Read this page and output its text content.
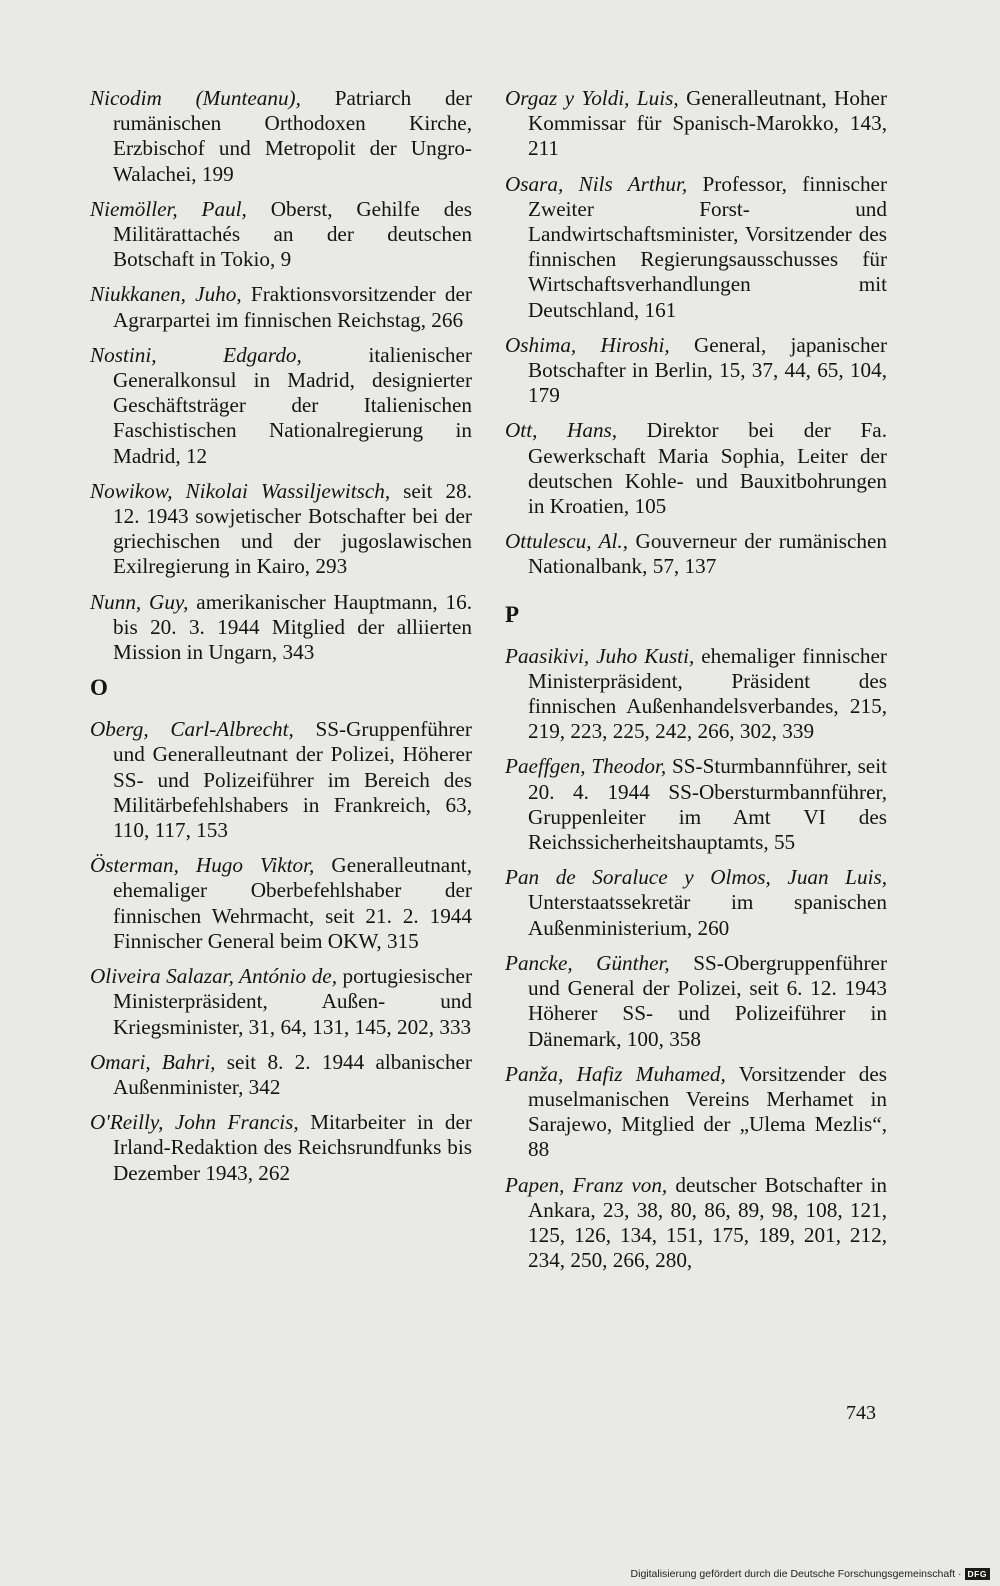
Nicodim (Munteanu), Patriarch der rumänischen Orthodoxen Kirche, Erzbischof und Metropolit der Ungro-Walachei, 199

Niemöller, Paul, Oberst, Gehilfe des Militärattachés an der deutschen Botschaft in Tokio, 9

Niukkanen, Juho, Fraktionsvorsitzender der Agrarpartei im finnischen Reichstag, 266

Nostini, Edgardo, italienischer Generalkonsul in Madrid, designierter Geschäftsträger der Italienischen Faschistischen Nationalregierung in Madrid, 12

Nowikow, Nikolai Wassiljewitsch, seit 28. 12. 1943 sowjetischer Botschafter bei der griechischen und der jugoslawischen Exilregierung in Kairo, 293

Nunn, Guy, amerikanischer Hauptmann, 16. bis 20. 3. 1944 Mitglied der alliierten Mission in Ungarn, 343

O

Oberg, Carl-Albrecht, SS-Gruppenführer und Generalleutnant der Polizei, Höherer SS- und Polizeiführer im Bereich des Militärbefehlshabers in Frankreich, 63, 110, 117, 153

Österman, Hugo Viktor, Generalleutnant, ehemaliger Oberbefehlshaber der finnischen Wehrmacht, seit 21. 2. 1944 Finnischer General beim OKW, 315

Oliveira Salazar, António de, portugiesischer Ministerpräsident, Außen- und Kriegsminister, 31, 64, 131, 145, 202, 333

Omari, Bahri, seit 8. 2. 1944 albanischer Außenminister, 342

O'Reilly, John Francis, Mitarbeiter in der Irland-Redaktion des Reichsrundfunks bis Dezember 1943, 262

Orgaz y Yoldi, Luis, Generalleutnant, Hoher Kommissar für Spanisch-Marokko, 143, 211

Osara, Nils Arthur, Professor, finnischer Zweiter Forst- und Landwirtschaftsminister, Vorsitzender des finnischen Regierungsausschusses für Wirtschaftsverhandlungen mit Deutschland, 161

Oshima, Hiroshi, General, japanischer Botschafter in Berlin, 15, 37, 44, 65, 104, 179

Ott, Hans, Direktor bei der Fa. Gewerkschaft Maria Sophia, Leiter der deutschen Kohle- und Bauxitbohrungen in Kroatien, 105

Ottulescu, Al., Gouverneur der rumänischen Nationalbank, 57, 137

P

Paasikivi, Juho Kusti, ehemaliger finnischer Ministerpräsident, Präsident des finnischen Außenhandelsverbandes, 215, 219, 223, 225, 242, 266, 302, 339

Paeffgen, Theodor, SS-Sturmbannführer, seit 20. 4. 1944 SS-Obersturmbannführer, Gruppenleiter im Amt VI des Reichssicherheitshauptamts, 55

Pan de Soraluce y Olmos, Juan Luis, Unterstaatssekretär im spanischen Außenministerium, 260

Pancke, Günther, SS-Obergruppenführer und General der Polizei, seit 6. 12. 1943 Höherer SS- und Polizeiführer in Dänemark, 100, 358

Panža, Hafiz Muhamed, Vorsitzender des muselmanischen Vereins Merhamet in Sarajewo, Mitglied der „Ulema Mezlis“, 88

Papen, Franz von, deutscher Botschafter in Ankara, 23, 38, 80, 86, 89, 98, 108, 121, 125, 126, 134, 151, 175, 189, 201, 212, 234, 250, 266, 280,

743
Digitalisierung gefördert durch die Deutsche Forschungsgemeinschaft · DFG
